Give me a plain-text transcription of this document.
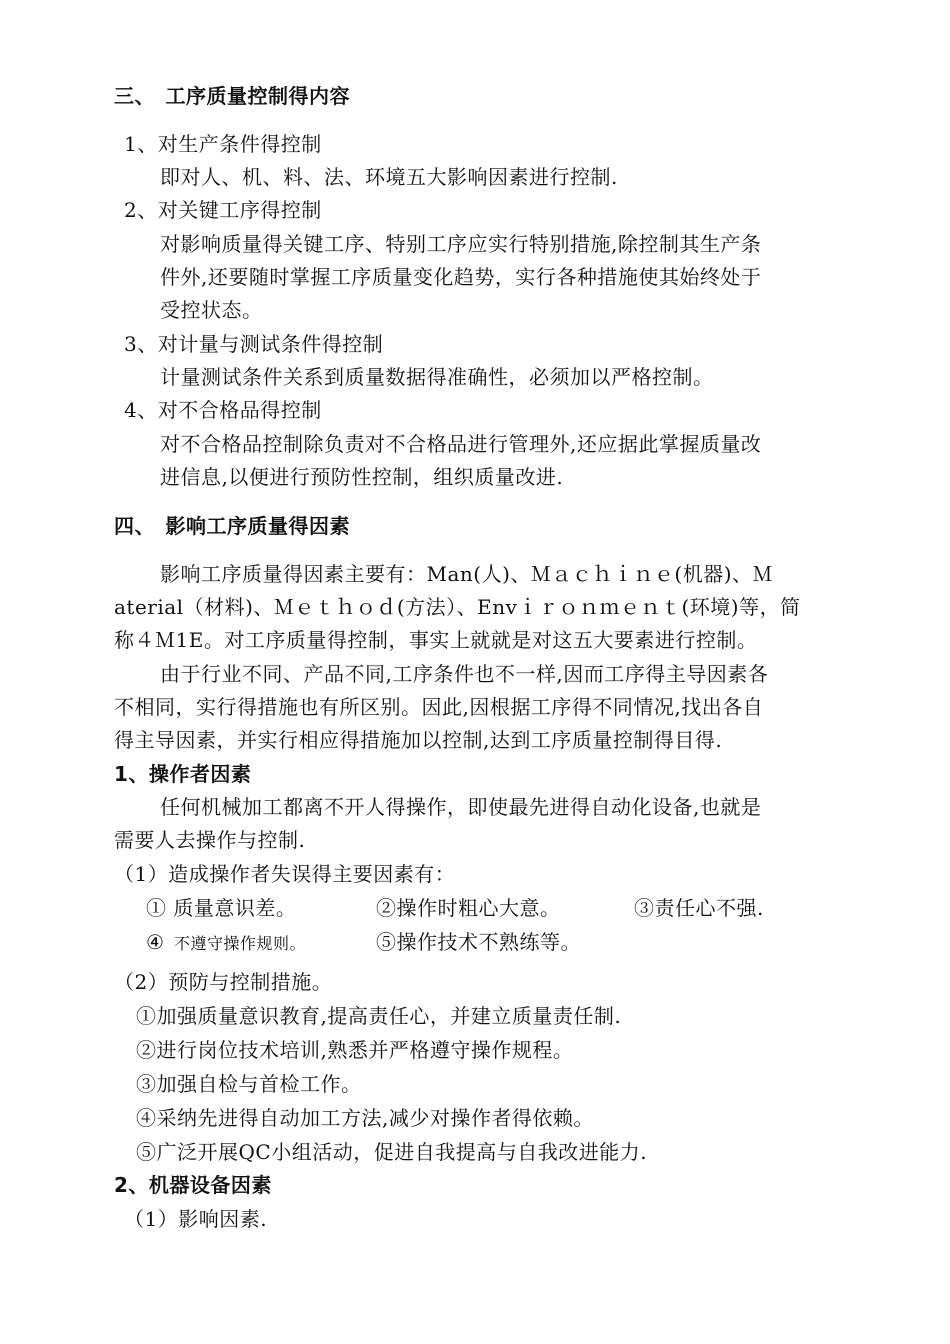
三、　工序质量控制得内容
1、对生产条件得控制
即对人、机、料、法、环境五大影响因素进行控制.
2、对关键工序得控制
对影响质量得关键工序、特别工序应实行特别措施,除控制其生产条
件外,还要随时掌握工序质量变化趋势，实行各种措施使其始终处于
受控状态。
3、对计量与测试条件得控制
计量测试条件关系到质量数据得准确性，必须加以严格控制。
4、对不合格品得控制
对不合格品控制除负责对不合格品进行管理外,还应据此掌握质量改
进信息,以便进行预防性控制，组织质量改进.
四、　影响工序质量得因素
影响工序质量得因素主要有：Man(人)、Ｍａｃｈｉｎｅ(机器)、Ｍ
aterial（材料)、Ｍｅｔｈｏｄ(方法）、Envｉｒｏｎｍｅｎｔ(环境)等，简
称４Ｍ1E。对工序质量得控制，事实上就就是对这五大要素进行控制。
由于行业不同、产品不同,工序条件也不一样,因而工序得主导因素各
不相同，实行得措施也有所区别。因此,因根据工序得不同情况,找出各自
得主导因素，并实行相应得措施加以控制,达到工序质量控制得目得.
1、操作者因素
任何机械加工都离不开人得操作，即使最先进得自动化设备,也就是
需要人去操作与控制.
（1）造成操作者失误得主要因素有：
① 质量意识差。	②操作时粗心大意。	③责任心不强.
④ 不遵守操作规则。	⑤操作技术不熟练等。
（2）预防与控制措施。
①加强质量意识教育,提高责任心，并建立质量责任制.
②进行岗位技术培训,熟悉并严格遵守操作规程。
③加强自检与首检工作。
④采纳先进得自动加工方法,减少对操作者得依赖。
⑤广泛开展QC小组活动，促进自我提高与自我改进能力.
2、机器设备因素
（1）影响因素.
